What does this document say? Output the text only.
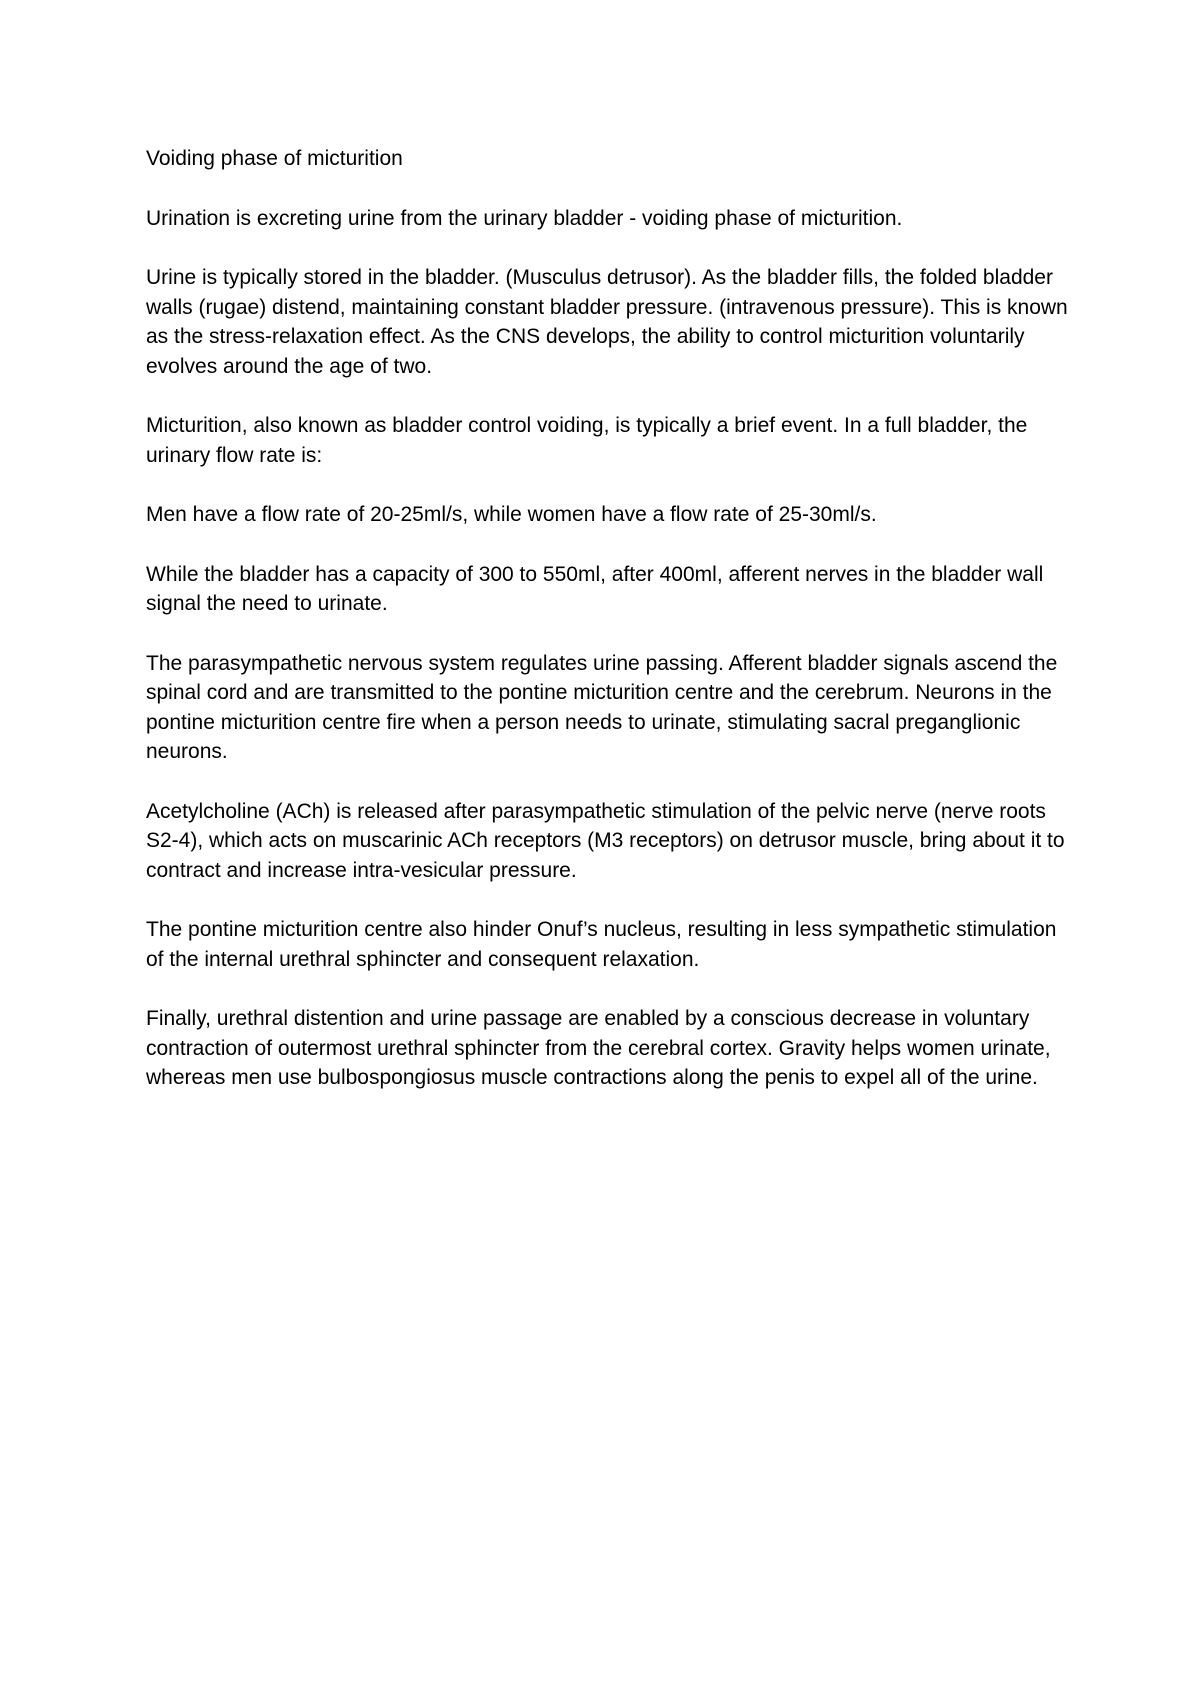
Voiding phase of micturition

Urination is excreting urine from the urinary bladder - voiding phase of micturition.

Urine is typically stored in the bladder. (Musculus detrusor). As the bladder fills, the folded bladder walls (rugae) distend, maintaining constant bladder pressure. (intravenous pressure). This is known as the stress-relaxation effect. As the CNS develops, the ability to control micturition voluntarily evolves around the age of two.

Micturition, also known as bladder control voiding, is typically a brief event. In a full bladder, the urinary flow rate is:

Men have a flow rate of 20-25ml/s, while women have a flow rate of 25-30ml/s.

While the bladder has a capacity of 300 to 550ml, after 400ml, afferent nerves in the bladder wall signal the need to urinate.

The parasympathetic nervous system regulates urine passing. Afferent bladder signals ascend the spinal cord and are transmitted to the pontine micturition centre and the cerebrum. Neurons in the pontine micturition centre fire when a person needs to urinate, stimulating sacral preganglionic neurons.

Acetylcholine (ACh) is released after parasympathetic stimulation of the pelvic nerve (nerve roots S2-4), which acts on muscarinic ACh receptors (M3 receptors) on detrusor muscle, bring about it to contract and increase intra-vesicular pressure.

The pontine micturition centre also hinder Onuf’s nucleus, resulting in less sympathetic stimulation of the internal urethral sphincter and consequent relaxation.

Finally, urethral distention and urine passage are enabled by a conscious decrease in voluntary contraction of outermost urethral sphincter from the cerebral cortex. Gravity helps women urinate, whereas men use bulbospongiosus muscle contractions along the penis to expel all of the urine.
